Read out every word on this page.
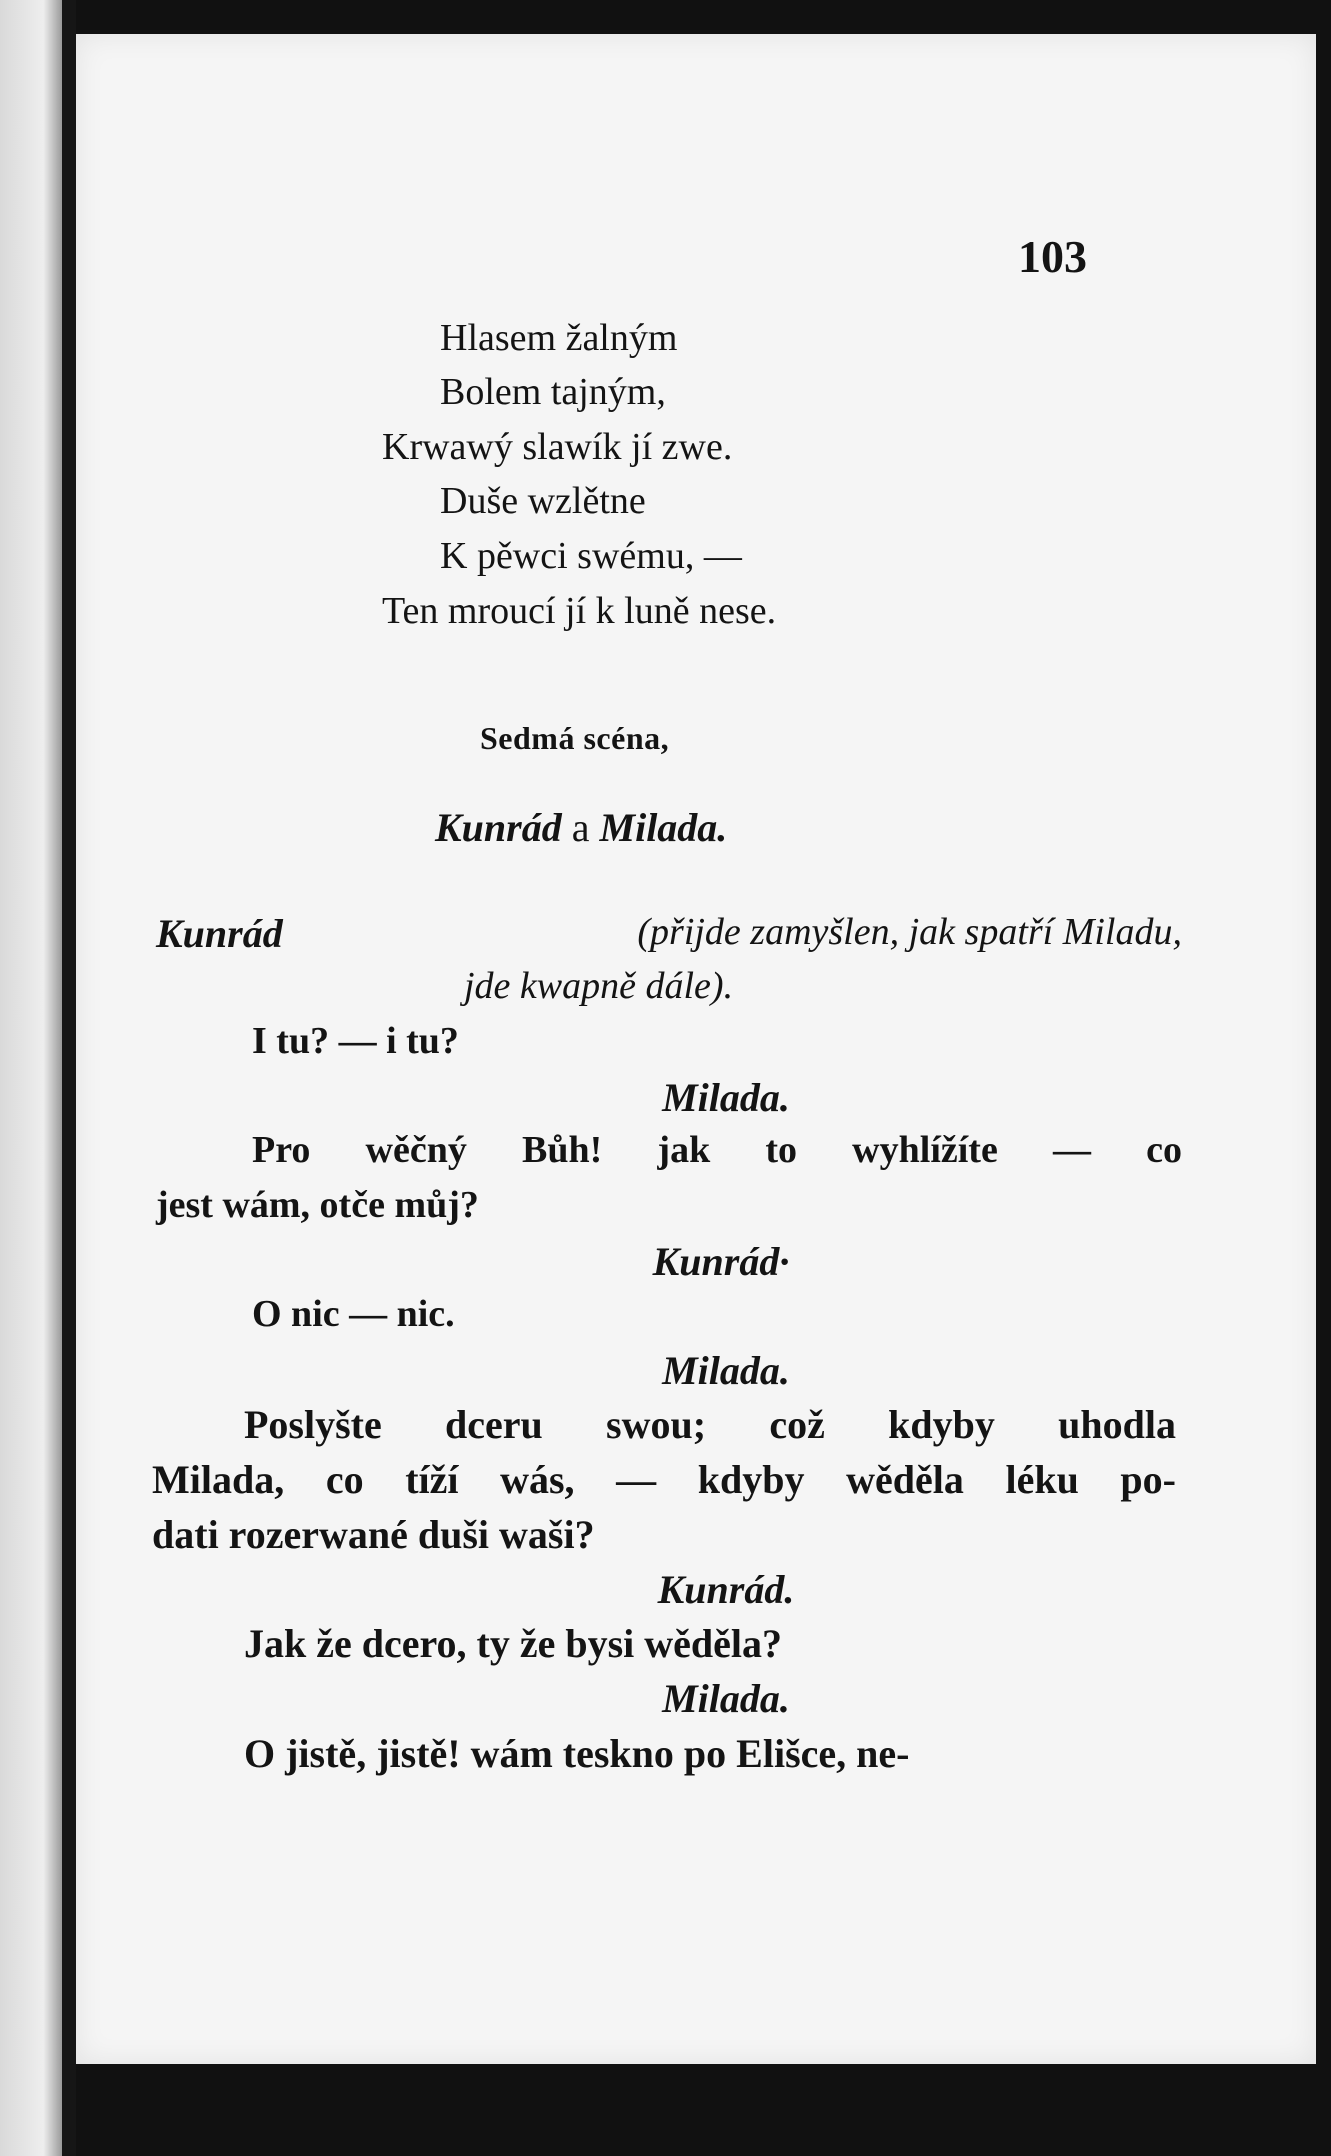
103
Hlasem žalným
Bolem tajným,
Krwawý slawík jí zwe.
Duše wzlětne
K pěwci swému, —
Ten mroucí jí k luně nese.
Sedmá scéna,
Kunrád a Milada.
Kunrád	(přijde zamyšlen, jak spatří Miladu,
jde kwapně dále).
I tu? — i tu?
Milada.
Pro wěčný Bůh! jak to wyhlížíte — co
jest wám, otče můj?
Kunrád·
O nic — nic.
Milada.
Poslyšte dceru swou; což kdyby uhodla
Milada, co tíží wás, — kdyby wěděla léku po-
dati rozerwané duši waši?
Kunrád.
Jak že dcero, ty že bysi wěděla?
Milada.
O jistě, jistě! wám teskno po Elišce, ne-
